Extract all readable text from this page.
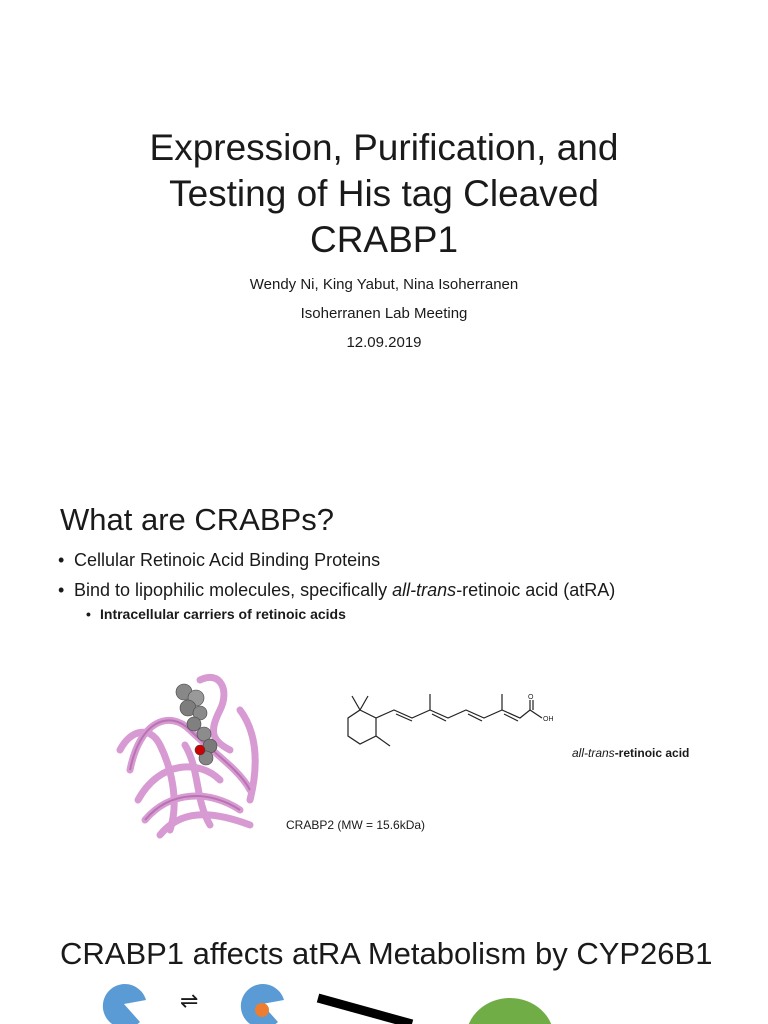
Expression, Purification, and
Testing of His tag Cleaved
CRABP1
Wendy Ni, King Yabut, Nina Isoherranen
Isoherranen Lab Meeting
12.09.2019
What are CRABPs?
• Cellular Retinoic Acid Binding Proteins
• Bind to lipophilic molecules, specifically all-trans-retinoic acid (atRA)
• Intracellular carriers of retinoic acids
O
OH
all-trans-retinoic acid
CRABP2 (MW = 15.6kDa)
CRABP1 affects atRA Metabolism by CYP26B1
⇌
